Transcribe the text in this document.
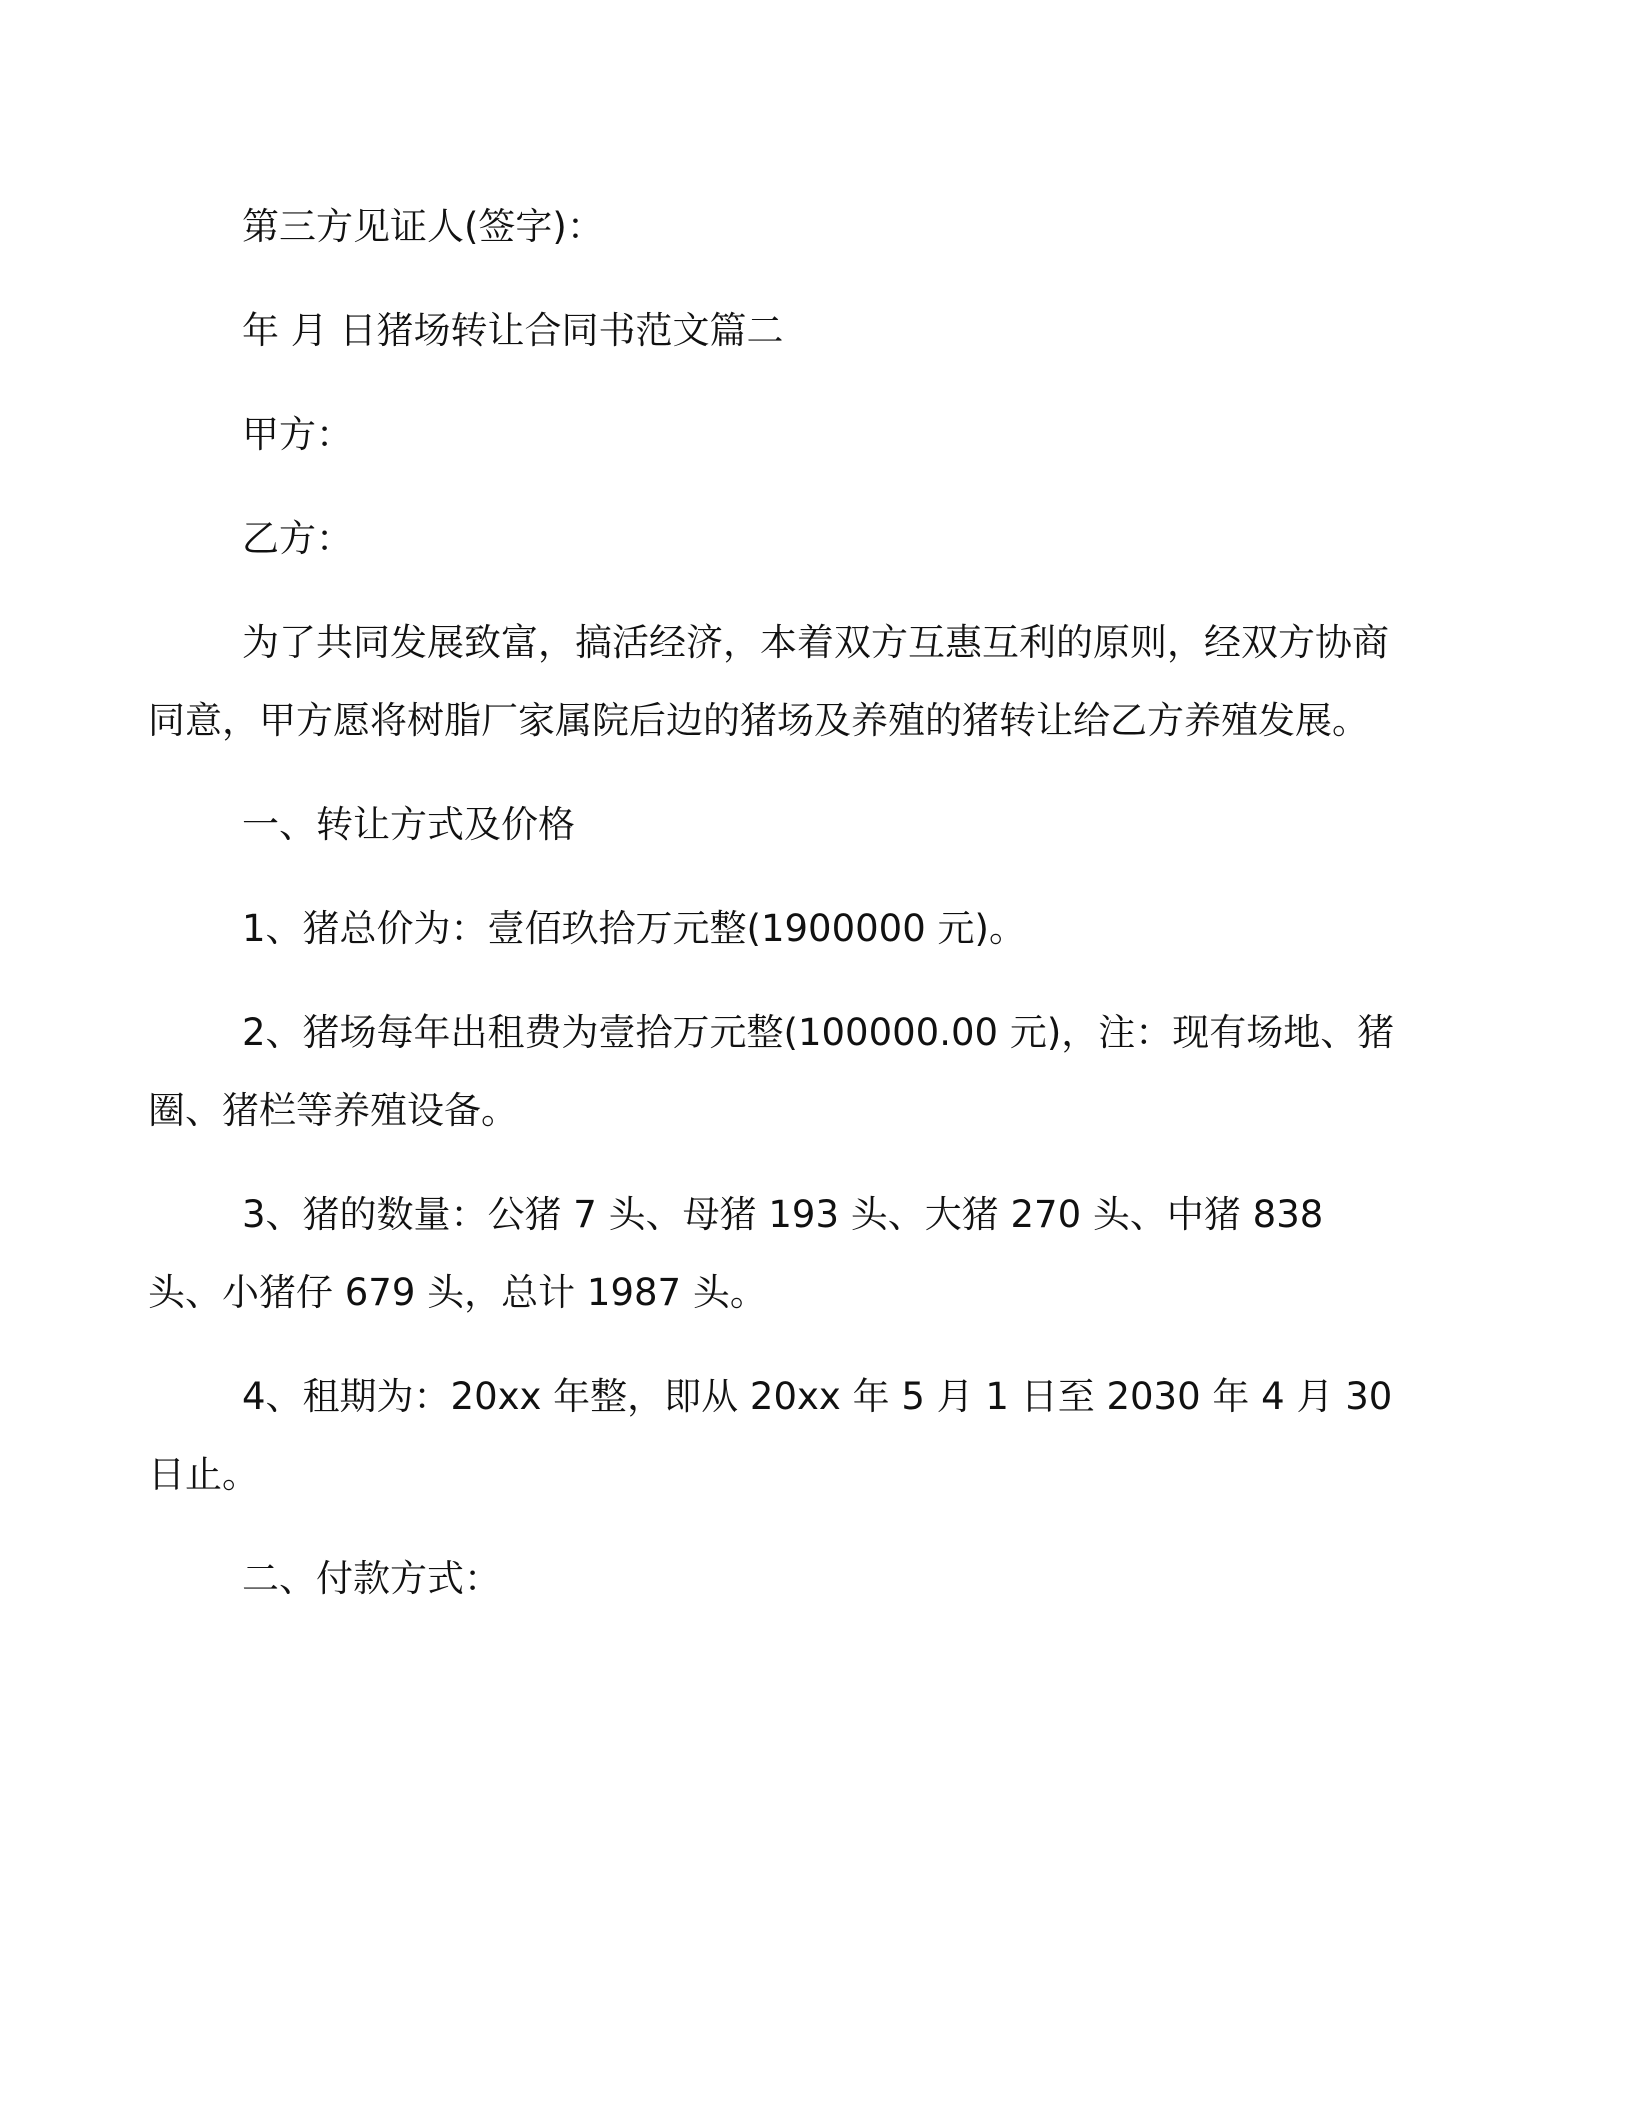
第三方见证人(签字)：

年 月 日猪场转让合同书范文篇二

甲方：

乙方：

为了共同发展致富，搞活经济，本着双方互惠互利的原则，经双方协商同意，甲方愿将树脂厂家属院后边的猪场及养殖的猪转让给乙方养殖发展。

一、转让方式及价格

1、猪总价为：壹佰玖拾万元整(1900000 元)。

2、猪场每年出租费为壹拾万元整(100000.00 元)，注：现有场地、猪圈、猪栏等养殖设备。

3、猪的数量：公猪 7 头、母猪 193 头、大猪 270 头、中猪 838 头、小猪仔 679 头，总计 1987 头。

4、租期为：20xx 年整，即从 20xx 年 5 月 1 日至 2030 年 4 月 30 日止。

二、付款方式：
